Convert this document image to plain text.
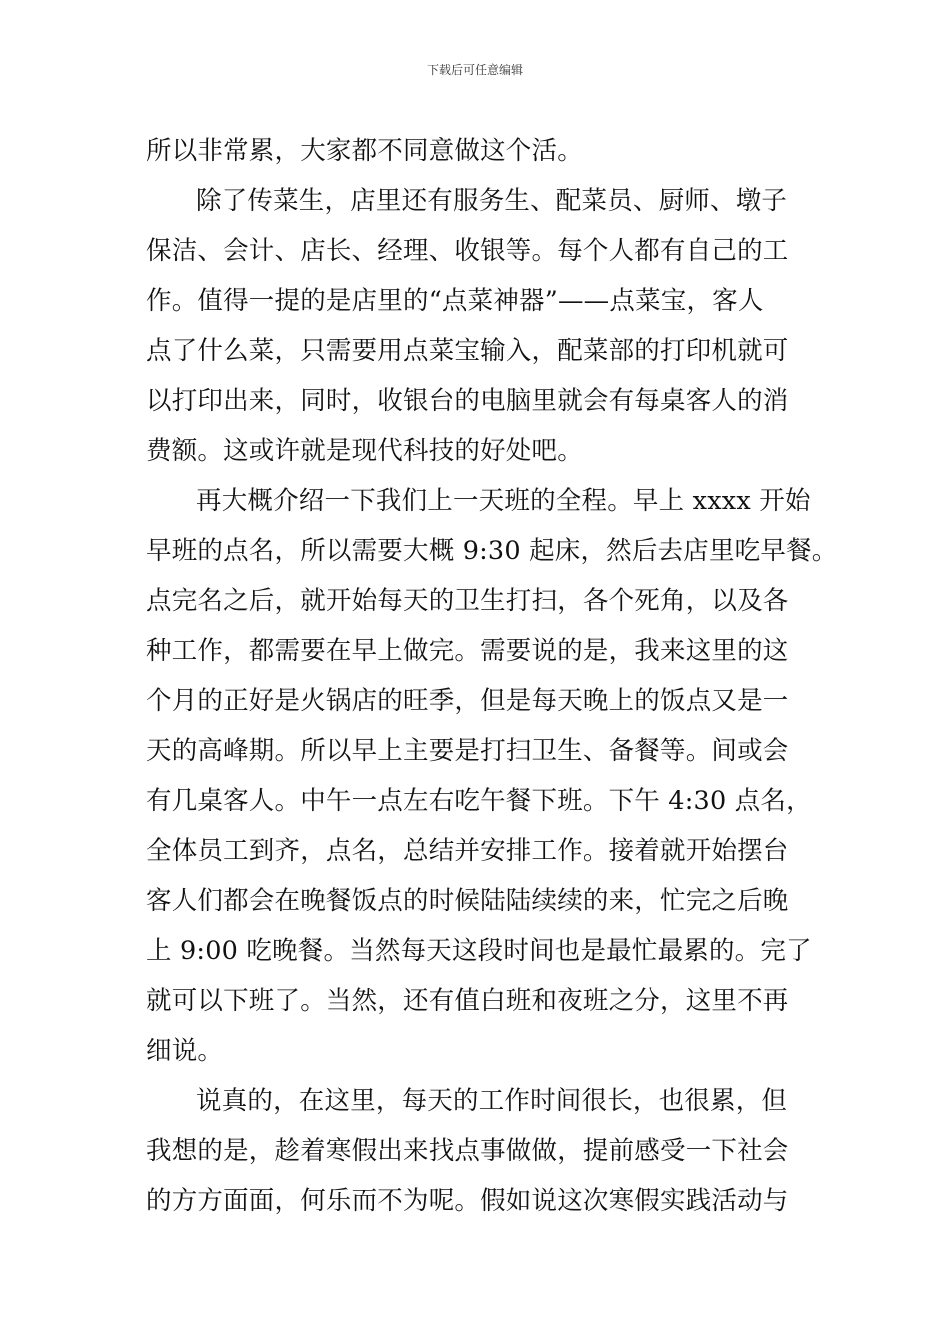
下载后可任意编辑
所以非常累，大家都不同意做这个活。
除了传菜生，店里还有服务生、配菜员、厨师、墩子
保洁、会计、店长、经理、收银等。每个人都有自己的工
作。值得一提的是店里的“点菜神器”——点菜宝，客人
点了什么菜，只需要用点菜宝输入，配菜部的打印机就可
以打印出来，同时，收银台的电脑里就会有每桌客人的消
费额。这或许就是现代科技的好处吧。
再大概介绍一下我们上一天班的全程。早上 xxxx 开始
早班的点名，所以需要大概 9:30 起床，然后去店里吃早餐。
点完名之后，就开始每天的卫生打扫，各个死角，以及各
种工作，都需要在早上做完。需要说的是，我来这里的这
个月的正好是火锅店的旺季，但是每天晚上的饭点又是一
天的高峰期。所以早上主要是打扫卫生、备餐等。间或会
有几桌客人。中午一点左右吃午餐下班。下午 4:30 点名，
全体员工到齐，点名，总结并安排工作。接着就开始摆台
客人们都会在晚餐饭点的时候陆陆续续的来，忙完之后晚
上 9:00 吃晚餐。当然每天这段时间也是最忙最累的。完了
就可以下班了。当然，还有值白班和夜班之分，这里不再
细说。
说真的，在这里，每天的工作时间很长，也很累，但
我想的是，趁着寒假出来找点事做做，提前感受一下社会
的方方面面，何乐而不为呢。假如说这次寒假实践活动与
